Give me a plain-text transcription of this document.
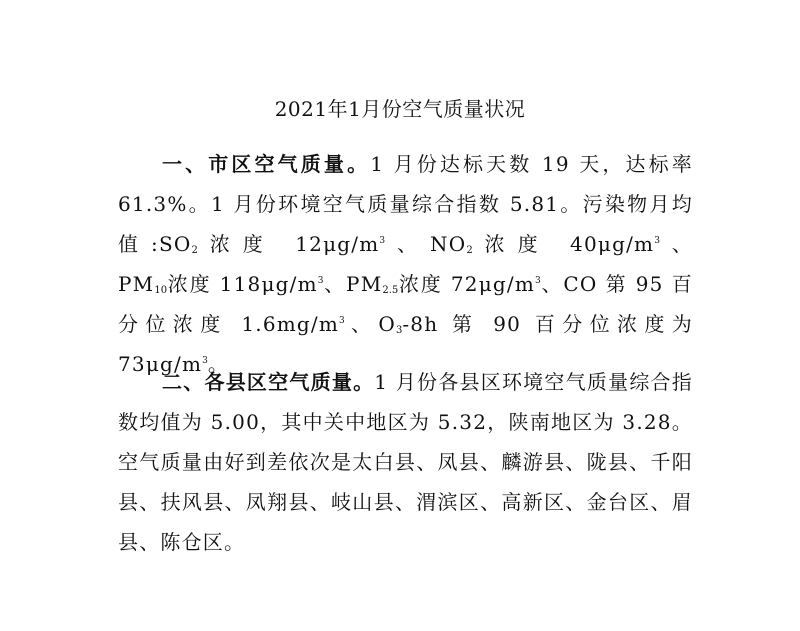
2021年1月份空气质量状况

一、市区空气质量。1 月份达标天数 19 天，达标率 61.3%。1 月份环境空气质量综合指数 5.81。污染物月均值$:SO_2$浓度 $12\mu g/m^3$、$NO_2$浓度 $40\mu g/m^3$、$PM_{10}$浓度 $118\mu g/m^3$、$PM_{2.5}$浓度 $72\mu g/m^3$、CO 第 95 百分位浓度 $1.6mg/m^3$、$O_3-8h$ 第 90 百分位浓度为 $73\mu g/m^3$。

二、各县区空气质量。1 月份各县区环境空气质量综合指数均值为 5.00，其中关中地区为 5.32，陕南地区为 3.28。空气质量由好到差依次是太白县、凤县、麟游县、陇县、千阳县、扶风县、凤翔县、岐山县、渭滨区、高新区、金台区、眉县、陈仓区。
